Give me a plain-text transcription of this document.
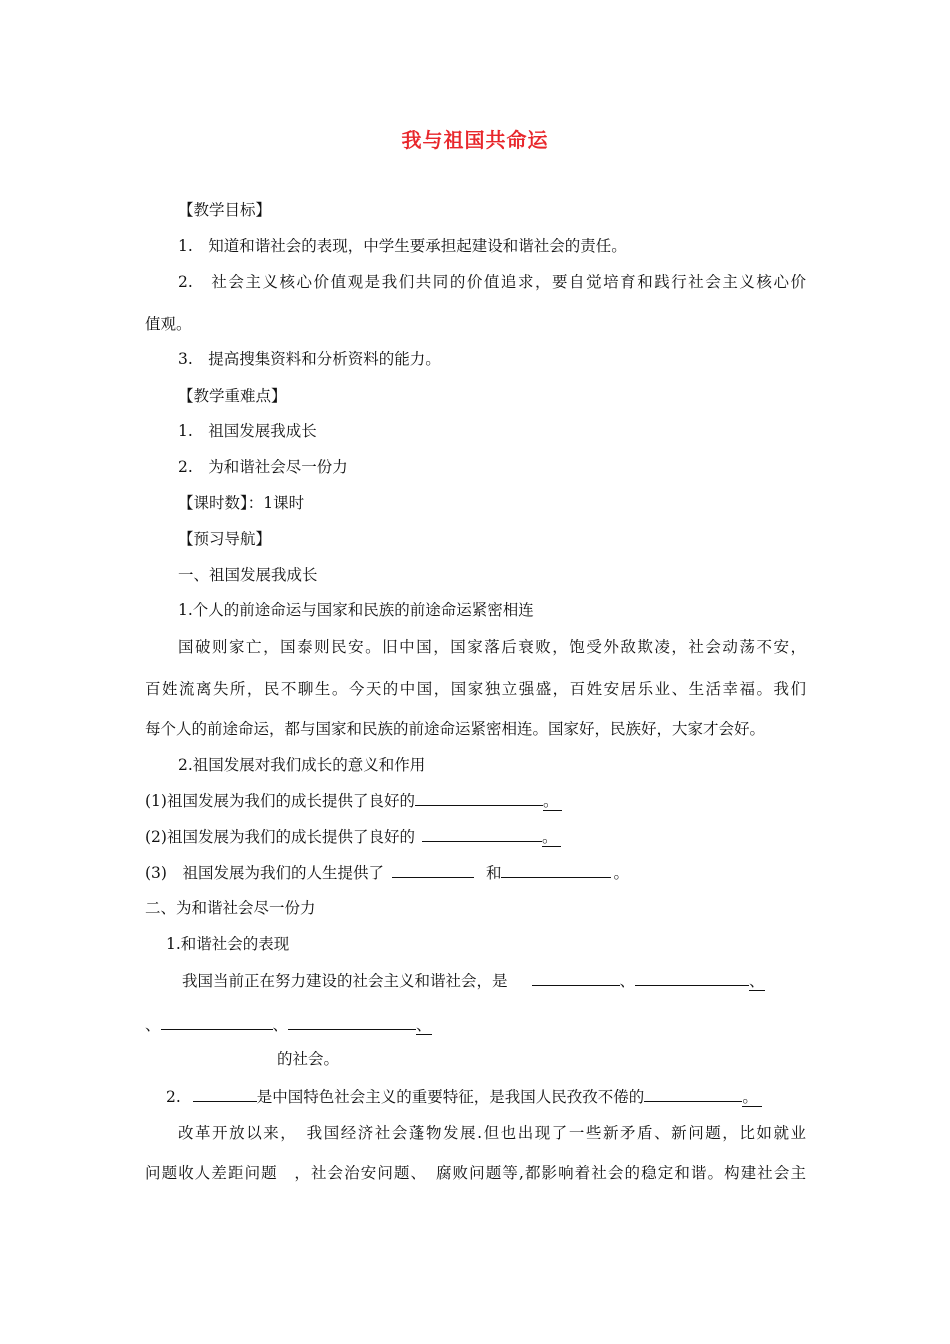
我与祖国共命运
【教学目标】
1.　知道和谐社会的表现，中学生要承担起建设和谐社会的责任。
2.　社会主义核心价值观是我们共同的价值追求，要自觉培育和践行社会主义核心价
值观。
3.　提高搜集资料和分析资料的能力。
【教学重难点】
1.　祖国发展我成长
2.　为和谐社会尽一份力
【课时数】：1课时
【预习导航】
一、祖国发展我成长
1.个人的前途命运与国家和民族的前途命运紧密相连
国破则家亡，国泰则民安。旧中国，国家落后衰败，饱受外敌欺凌，社会动荡不安，
百姓流离失所，民不聊生。今天的中国，国家独立强盛，百姓安居乐业、生活幸福。我们
每个人的前途命运，都与国家和民族的前途命运紧密相连。国家好，民族好，大家才会好。
2.祖国发展对我们成长的意义和作用
(1)祖国发展为我们的成长提供了良好的	。
(2)祖国发展为我们的成长提供了良好的	。
(3)　祖国发展为我们的人生提供了	和	。
二、为和谐社会尽一份力
1.和谐社会的表现
我国当前正在努力建设的社会主义和谐社会，是	、	、
、	、	、
的社会。
2.	是中国特色社会主义的重要特征，是我国人民孜孜不倦的	。
改革开放以来，　我国经济社会蓬物发展.但也出现了一些新矛盾、新问题，比如就业
问题收人差距问题　，社会治安问题、　腐败问题等,都影响着社会的稳定和谐。构建社会主
